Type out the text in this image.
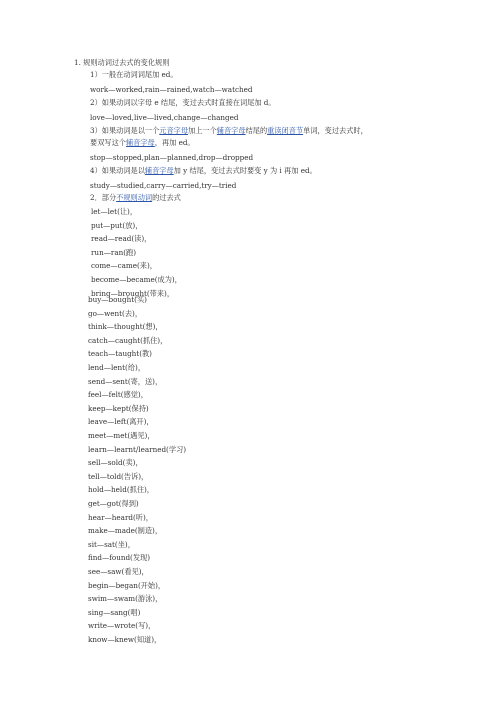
1. 规则动词过去式的变化规则
1）一般在动词词尾加 ed。
work—worked,rain—rained,watch—watched
2）如果动词以字母 e 结尾，变过去式时直接在词尾加 d。
love—loved,live—lived,change—changed
3）如果动词是以一个元音字母加上一个辅音字母结尾的重读闭音节单词，变过去式时，
要双写这个辅音字母，再加 ed。
stop—stopped,plan—planned,drop—dropped
4）如果动词是以辅音字母加 y 结尾，变过去式时要变 y 为 i 再加 ed。
study—studied,carry—carried,try—tried
2．部分不规则动词的过去式
let—let(让)，
put—put(放)，
read—read(读)，
run—ran(跑)
come—came(来)，
become—became(成为)，
bring—brought(带来)，
buy—bought(买)
go—went(去)，
think—thought(想)，
catch—caught(抓住)，
teach—taught(教)
lend—lent(给)，
send—sent(寄，送)，
feel—felt(感觉)，
keep—kept(保持)
leave—left(离开)，
meet—met(遇见)，
learn—learnt/learned(学习)
sell—sold(卖)，
tell—told(告诉)，
hold—held(抓住)，
get—got(得到)
hear—heard(听)，
make—made(制造)，
sit—sat(坐)，
find—found(发现)
see—saw(看见)，
begin—began(开始)，
swim—swam(游泳)，
sing—sang(唱)
write—wrote(写)，
know—knew(知道)，
